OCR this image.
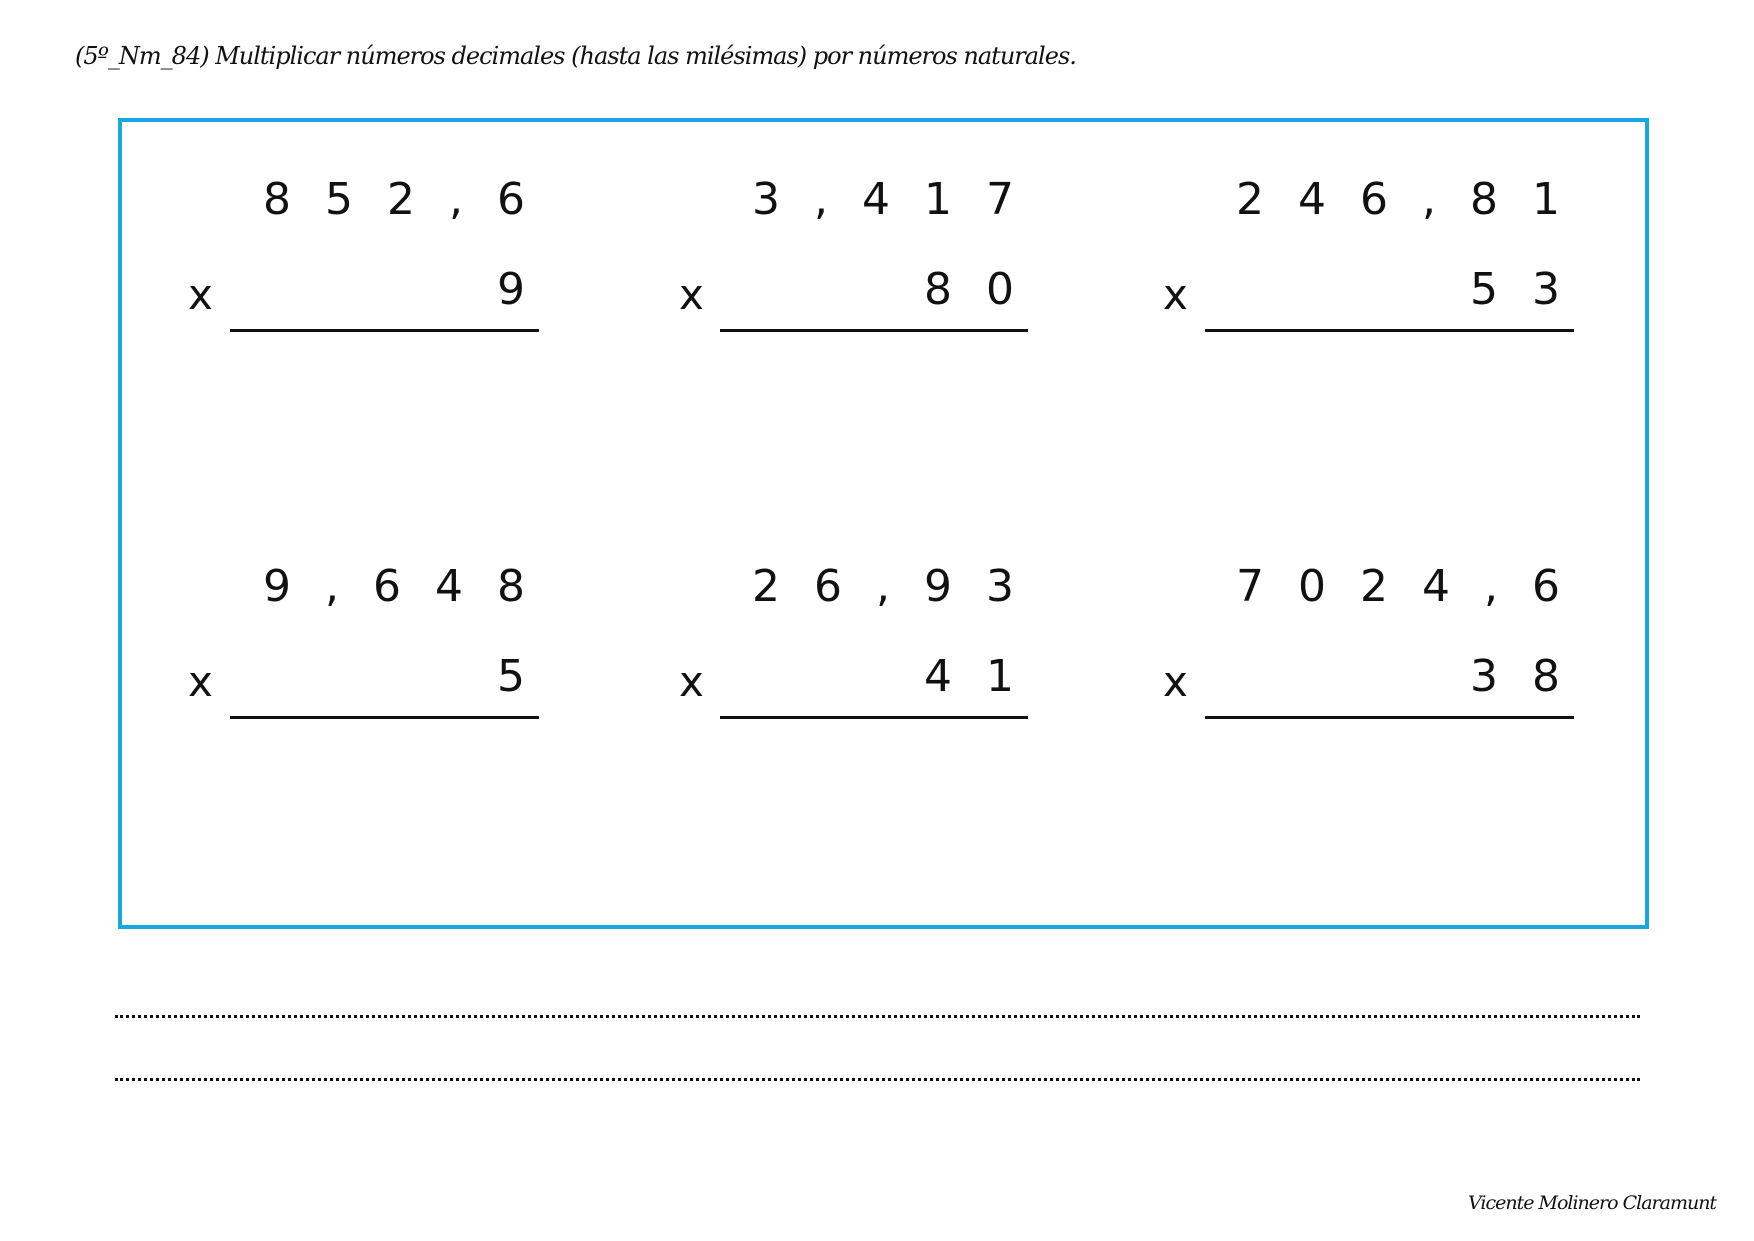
(5º_Nm_84) Multiplicar números decimales (hasta las milésimas) por números naturales.
852,6
x	9
3,417
x	80
246,81
x	53
9,648
x	5
26,93
x	41
7024,6
x	38
Vicente Molinero Claramunt
